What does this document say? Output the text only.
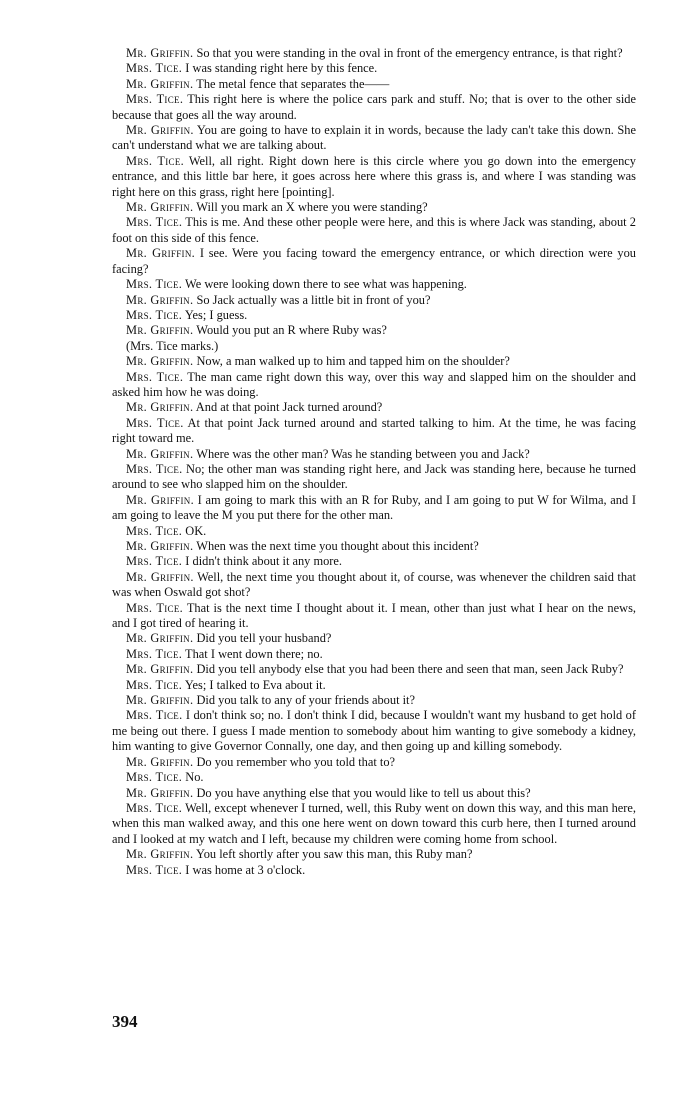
Mr. Griffin. So that you were standing in the oval in front of the emergency entrance, is that right?

Mrs. Tice. I was standing right here by this fence.

Mr. Griffin. The metal fence that separates the——

Mrs. Tice. This right here is where the police cars park and stuff. No; that is over to the other side because that goes all the way around.

Mr. Griffin. You are going to have to explain it in words, because the lady can't take this down. She can't understand what we are talking about.

Mrs. Tice. Well, all right. Right down here is this circle where you go down into the emergency entrance, and this little bar here, it goes across here where this grass is, and where I was standing was right here on this grass, right here [pointing].

Mr. Griffin. Will you mark an X where you were standing?

Mrs. Tice. This is me. And these other people were here, and this is where Jack was standing, about 2 foot on this side of this fence.

Mr. Griffin. I see. Were you facing toward the emergency entrance, or which direction were you facing?

Mrs. Tice. We were looking down there to see what was happening.

Mr. Griffin. So Jack actually was a little bit in front of you?

Mrs. Tice. Yes; I guess.

Mr. Griffin. Would you put an R where Ruby was?

(Mrs. Tice marks.)

Mr. Griffin. Now, a man walked up to him and tapped him on the shoulder?

Mrs. Tice. The man came right down this way, over this way and slapped him on the shoulder and asked him how he was doing.

Mr. Griffin. And at that point Jack turned around?

Mrs. Tice. At that point Jack turned around and started talking to him. At the time, he was facing right toward me.

Mr. Griffin. Where was the other man? Was he standing between you and Jack?

Mrs. Tice. No; the other man was standing right here, and Jack was standing here, because he turned around to see who slapped him on the shoulder.

Mr. Griffin. I am going to mark this with an R for Ruby, and I am going to put W for Wilma, and I am going to leave the M you put there for the other man.

Mrs. Tice. OK.

Mr. Griffin. When was the next time you thought about this incident?

Mrs. Tice. I didn't think about it any more.

Mr. Griffin. Well, the next time you thought about it, of course, was whenever the children said that was when Oswald got shot?

Mrs. Tice. That is the next time I thought about it. I mean, other than just what I hear on the news, and I got tired of hearing it.

Mr. Griffin. Did you tell your husband?

Mrs. Tice. That I went down there; no.

Mr. Griffin. Did you tell anybody else that you had been there and seen that man, seen Jack Ruby?

Mrs. Tice. Yes; I talked to Eva about it.

Mr. Griffin. Did you talk to any of your friends about it?

Mrs. Tice. I don't think so; no. I don't think I did, because I wouldn't want my husband to get hold of me being out there. I guess I made mention to somebody about him wanting to give somebody a kidney, him wanting to give Governor Connally, one day, and then going up and killing somebody.

Mr. Griffin. Do you remember who you told that to?

Mrs. Tice. No.

Mr. Griffin. Do you have anything else that you would like to tell us about this?

Mrs. Tice. Well, except whenever I turned, well, this Ruby went on down this way, and this man here, when this man walked away, and this one here went on down toward this curb here, then I turned around and I looked at my watch and I left, because my children were coming home from school.

Mr. Griffin. You left shortly after you saw this man, this Ruby man?

Mrs. Tice. I was home at 3 o'clock.

394
